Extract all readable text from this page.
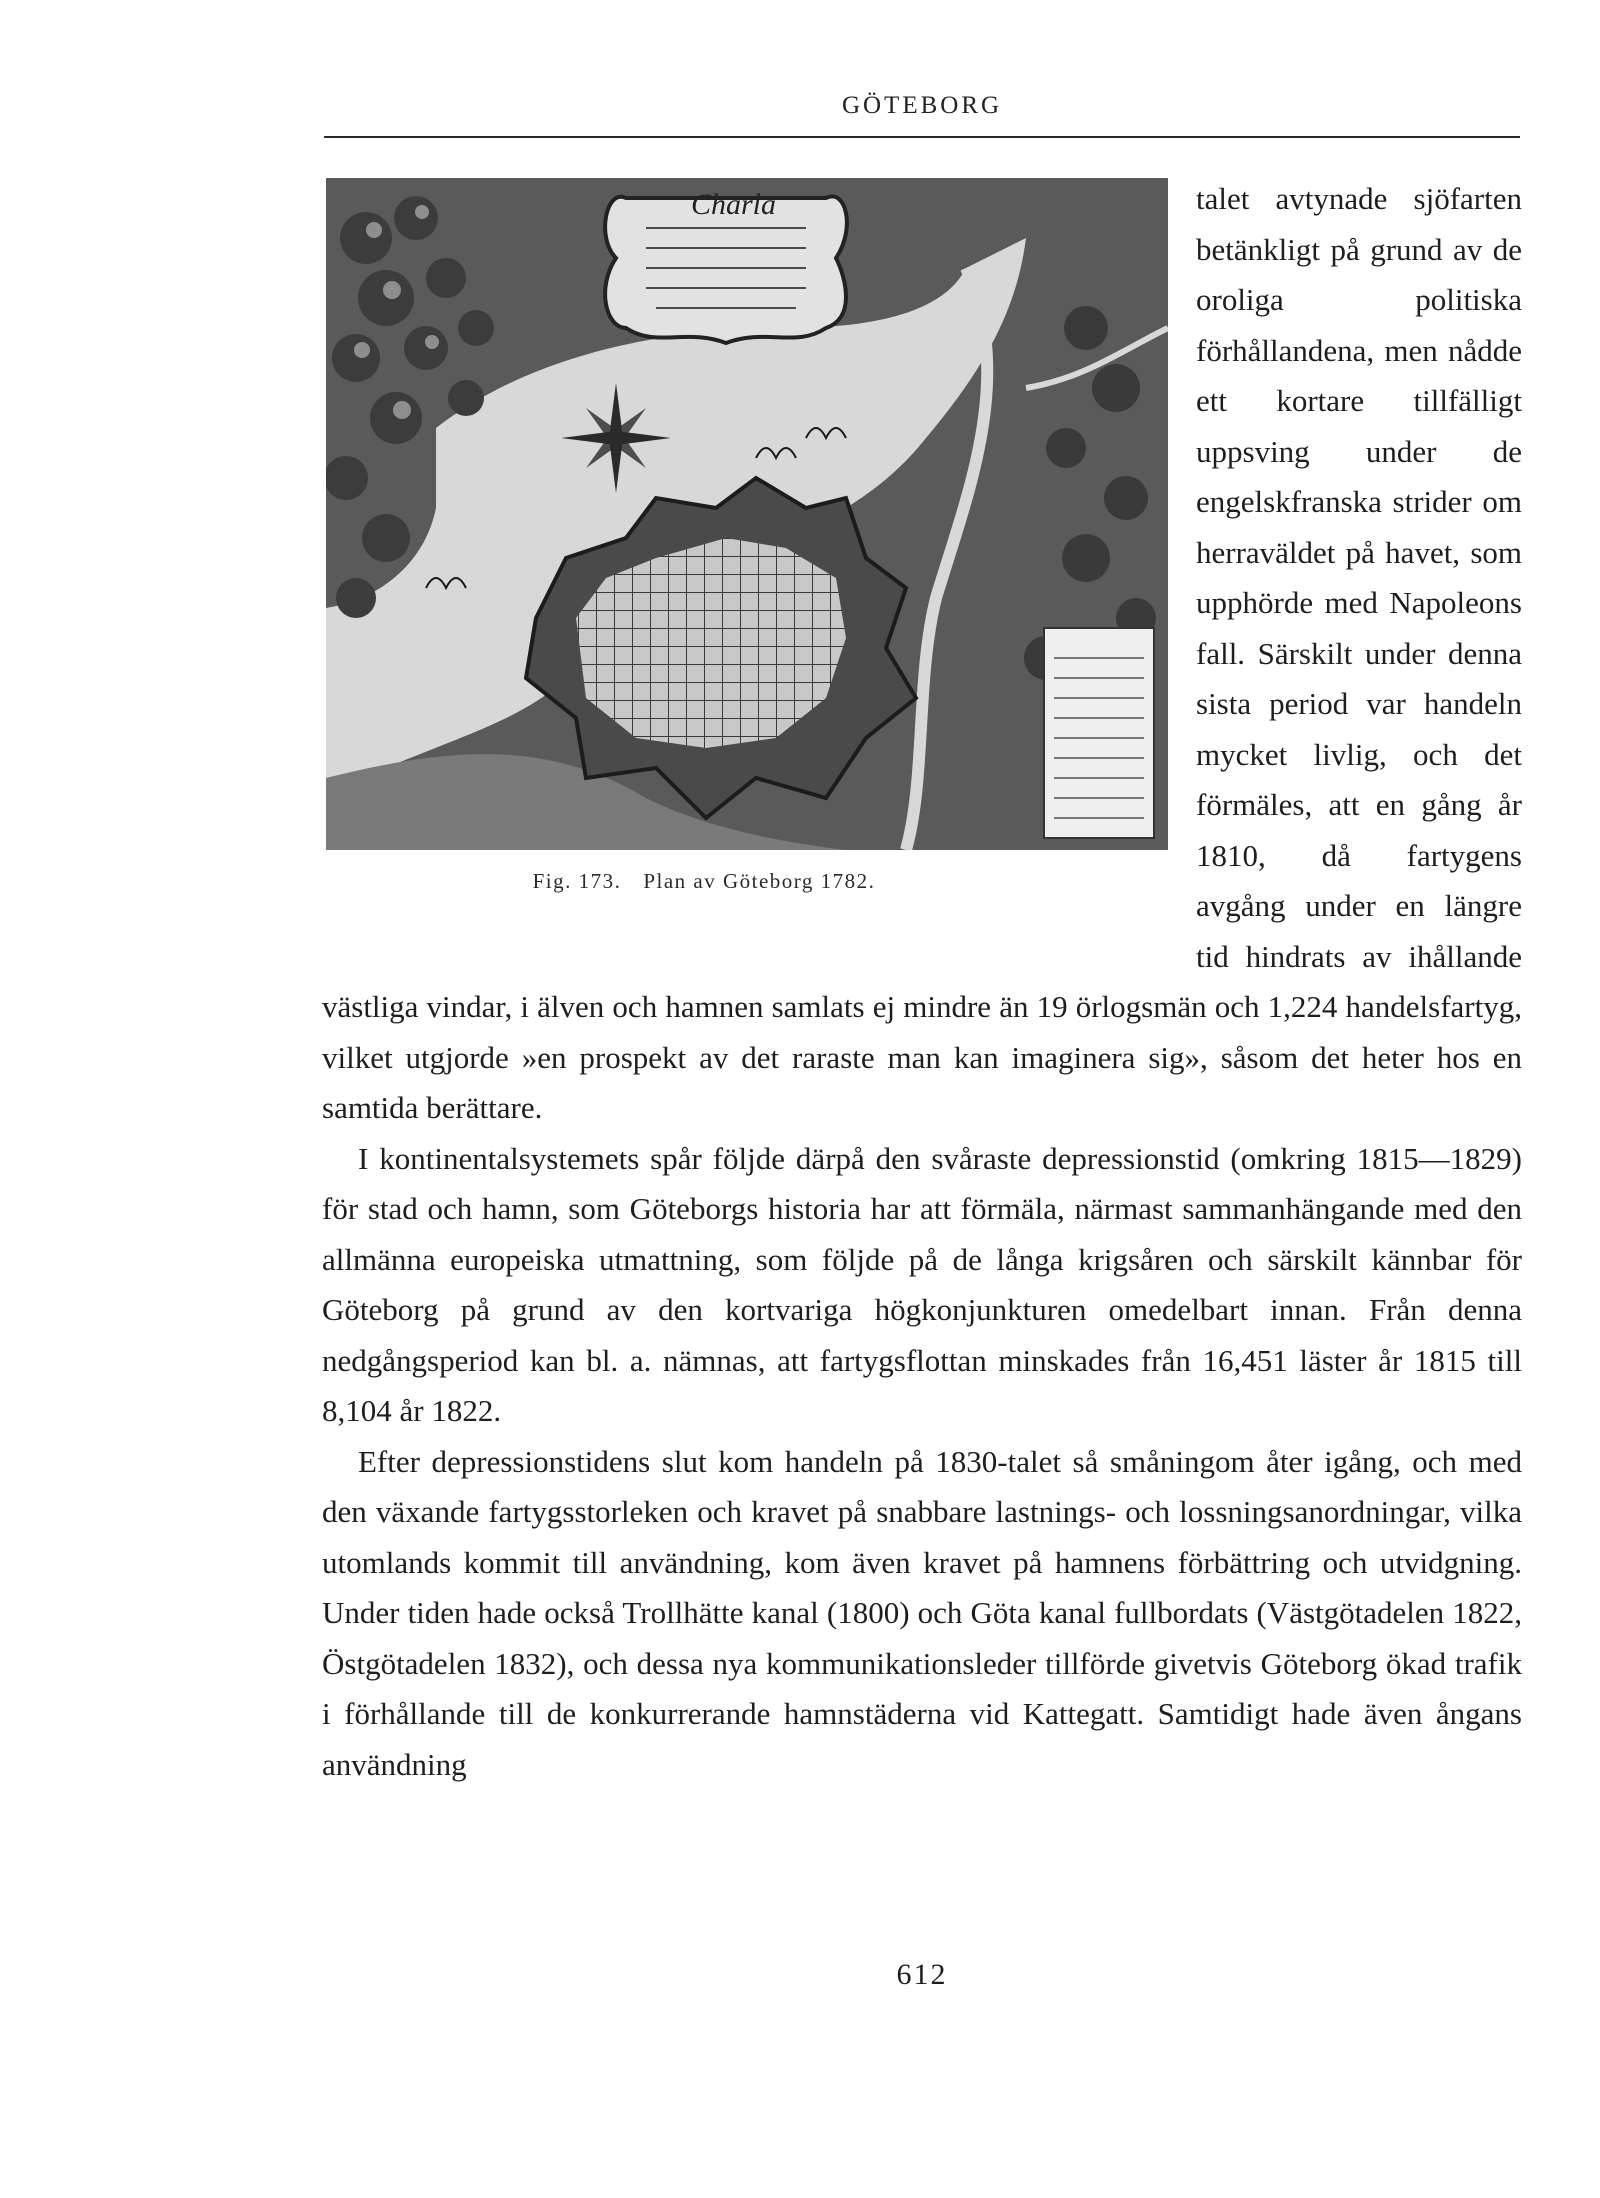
GÖTEBORG
Charla
Fig. 173. Plan av Göteborg 1782.

talet avtynade sjöfarten betänkligt på grund av de oroliga politiska förhållandena, men nådde ett kortare tillfälligt uppsving under de engelskfranska strider om herraväldet på havet, som upphörde med Napoleons fall. Särskilt under denna sista period var handeln mycket livlig, och det förmäles, att en gång år 1810, då fartygens avgång under en längre tid hindrats av ihållande västliga vindar, i älven och hamnen samlats ej mindre än 19 örlogsmän och 1,224 handelsfartyg, vilket utgjorde »en prospekt av det raraste man kan imaginera sig», såsom det heter hos en samtida berättare.

I kontinentalsystemets spår följde därpå den svåraste depressionstid (omkring 1815—1829) för stad och hamn, som Göteborgs historia har att förmäla, närmast sammanhängande med den allmänna europeiska utmattning, som följde på de långa krigsåren och särskilt kännbar för Göteborg på grund av den kortvariga högkonjunkturen omedelbart innan. Från denna nedgångsperiod kan bl. a. nämnas, att fartygsflottan minskades från 16,451 läster år 1815 till 8,104 år 1822.

Efter depressionstidens slut kom handeln på 1830-talet så småningom åter igång, och med den växande fartygsstorleken och kravet på snabbare lastnings- och lossningsanordningar, vilka utomlands kommit till användning, kom även kravet på hamnens förbättring och utvidgning. Under tiden hade också Trollhätte kanal (1800) och Göta kanal fullbordats (Västgötadelen 1822, Östgötadelen 1832), och dessa nya kommunikationsleder tillförde givetvis Göteborg ökad trafik i förhållande till de konkurrerande hamnstäderna vid Kattegatt. Samtidigt hade även ångans användning

612
